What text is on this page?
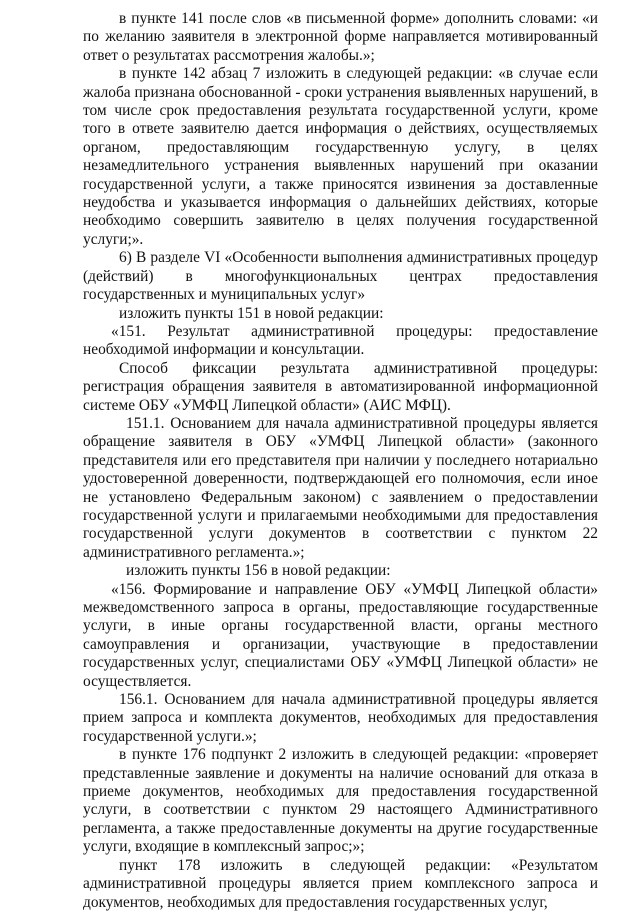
в пункте 141 после слов «в письменной форме» дополнить словами: «и по желанию заявителя в электронной форме направляется мотивированный ответ о результатах рассмотрения жалобы.»;

в пункте 142 абзац 7 изложить в следующей редакции: «в случае если жалоба признана обоснованной - сроки устранения выявленных нарушений, в том числе срок предоставления результата государственной услуги, кроме того в ответе заявителю дается информация о действиях, осуществляемых органом, предоставляющим государственную услугу, в целях незамедлительного устранения выявленных нарушений при оказании государственной услуги, а также приносятся извинения за доставленные неудобства и указывается информация о дальнейших действиях, которые необходимо совершить заявителю в целях получения государственной услуги;».

6) В разделе VI «Особенности выполнения административных процедур (действий) в многофункциональных центрах предоставления государственных и муниципальных услуг»

изложить пункты 151 в новой редакции:

«151. Результат административной процедуры: предоставление необходимой информации и консультации.

Способ фиксации результата административной процедуры: регистрация обращения заявителя в автоматизированной информационной системе ОБУ «УМФЦ Липецкой области» (АИС МФЦ).

151.1. Основанием для начала административной процедуры является обращение заявителя в ОБУ «УМФЦ Липецкой области» (законного представителя или его представителя при наличии у последнего нотариально удостоверенной доверенности, подтверждающей его полномочия, если иное не установлено Федеральным законом) с заявлением о предоставлении государственной услуги и прилагаемыми необходимыми для предоставления государственной услуги документов в соответствии с пунктом 22 административного регламента.»;

изложить пункты 156 в новой редакции:

«156. Формирование и направление ОБУ «УМФЦ Липецкой области» межведомственного запроса в органы, предоставляющие государственные услуги, в иные органы государственной власти, органы местного самоуправления и организации, участвующие в предоставлении государственных услуг, специалистами ОБУ «УМФЦ Липецкой области» не осуществляется.

156.1. Основанием для начала административной процедуры является прием запроса и комплекта документов, необходимых для предоставления государственной услуги.»;

в пункте 176 подпункт 2 изложить в следующей редакции: «проверяет представленные заявление и документы на наличие оснований для отказа в приеме документов, необходимых для предоставления государственной услуги, в соответствии с пунктом 29 настоящего Административного регламента, а также предоставленные документы на другие государственные услуги, входящие в комплексный запрос;»;

пункт 178 изложить в следующей редакции: «Результатом административной процедуры является прием комплексного запроса и документов, необходимых для предоставления государственных услуг,
